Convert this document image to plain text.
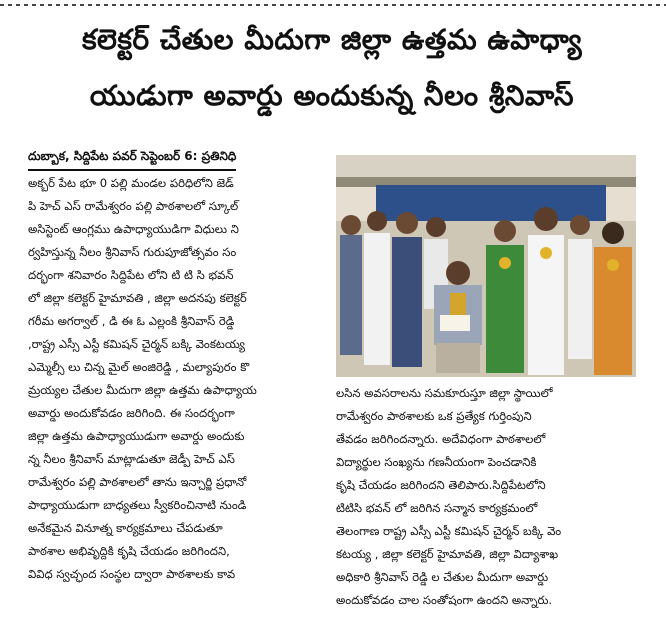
కలెక్టర్ చేతుల మీదుగా జిల్లా ఉత్తమ ఉపాధ్యా
యుడుగా అవార్డు అందుకున్న నీలం శ్రీనివాస్
దుబ్బాక, సిద్దిపేట పవర్ సెప్టెంబర్ 6: ప్రతినిధి
అక్బర్ పేట భూ 0 పల్లి మండల పరిధిలోని జెడ్
పి హెచ్ ఎస్ రామేశ్వరం పల్లి పాఠశాలలో స్కూల్
అసిస్టెంట్ ఆంగ్లము ఉపాధ్యాయుడిగా విధులు ని
ర్వహిస్తున్న నీలం శ్రీనివాస్ గురుపూజోత్సవం సం
దర్భంగా శనివారం సిద్దిపేట లోని టి టి సి భవన్
లో జిల్లా కలెక్టర్ హైమావతి , జిల్లా అదనపు కలెక్టర్
గరీమ అగర్వాల్ , డి ఈ ఓ ఎల్లంకి శ్రీనివాస్ రెడ్డి
,రాష్ట్ర ఎస్సీ ఎస్టీ కమిషన్ చైర్మన్ బక్కి వెంకటయ్య
ఎమ్మెల్సీ లు చిన్న మైల్ అంజిరెడ్డి , మల్యాపురం కొ
మ్రయ్యల చేతుల మీదుగా జిల్లా ఉత్తమ ఉపాధ్యాయ
అవార్డు అందుకోవడం జరిగింది. ఈ సందర్భంగా
జిల్లా ఉత్తమ ఉపాధ్యాయుడుగా అవార్డు అందుకు
న్న నీలం శ్రీనివాస్ మాట్లాడుతూ జెడ్పీ హెచ్ ఎస్
రామేశ్వరం పల్లి పాఠశాలలో తాను ఇన్చార్జి ప్రధానో
పాధ్యాయుడుగా బాధ్యతలు స్వీకరించినాటి నుండి
అనేకమైన వినూత్న కార్యక్రమాలు చేపడుతూ
పాఠశాల అభివృద్దికి కృషి చేయడం జరిగిందని,
వివిధ స్వచ్ఛంద సంస్థల ద్వారా పాఠశాలకు కావ
లసిన అవసరాలను సమకూరుస్తూ జిల్లా స్థాయిలో
రామేశ్వరం పాఠశాలకు ఒక ప్రత్యేక గుర్తింపుని
తేవడం జరిగిందన్నారు. అదేవిధంగా పాఠశాలలో
విద్యార్థుల సంఖ్యను గణనీయంగా పెంచడానికి
కృషి చేయడం జరిగిందని తెలిపారు.సిద్దిపేటలోని
టిటిసి భవన్ లో జరిగిన సన్మాన కార్యక్రమంలో
తెలంగాణ రాష్ట్ర ఎస్సీ ఎస్టీ కమిషన్ చైర్మన్ బక్కి వెం
కటయ్య , జిల్లా కలెక్టర్ హైమావతి, జిల్లా విద్యాశాఖ
అధికారి శ్రీనివాస్ రెడ్డి ల చేతుల మీదుగా అవార్డు
అందుకోవడం చాల సంతోషంగా ఉందని అన్నారు.
